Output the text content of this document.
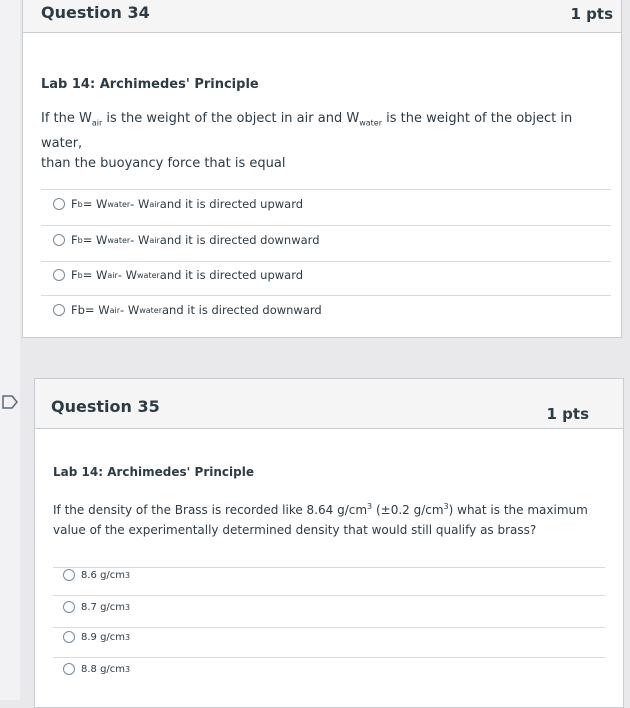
Question 34	1 pts
Lab 14: Archimedes' Principle
If the $W_{air}$ is the weight of the object in air and $W_{water}$ is the weight of the object in water,
than the buoyancy force that is equal
F b = W water - W air and it is directed upward
F b = W water - W air and it is directed downward
F b = W air - W water and it is directed upward
Fb = W air - W water and it is directed downward
Question 35	1 pts
Lab 14: Archimedes' Principle
If the density of the Brass is recorded like 8.64 $g/cm^3$ (±0.2 $g/cm^3$) what is the maximum
value of the experimentally determined density that would still qualify as brass?
8.6 g/cm 3
8.7 g/cm 3
8.9 g/cm 3
8.8 g/cm 3
